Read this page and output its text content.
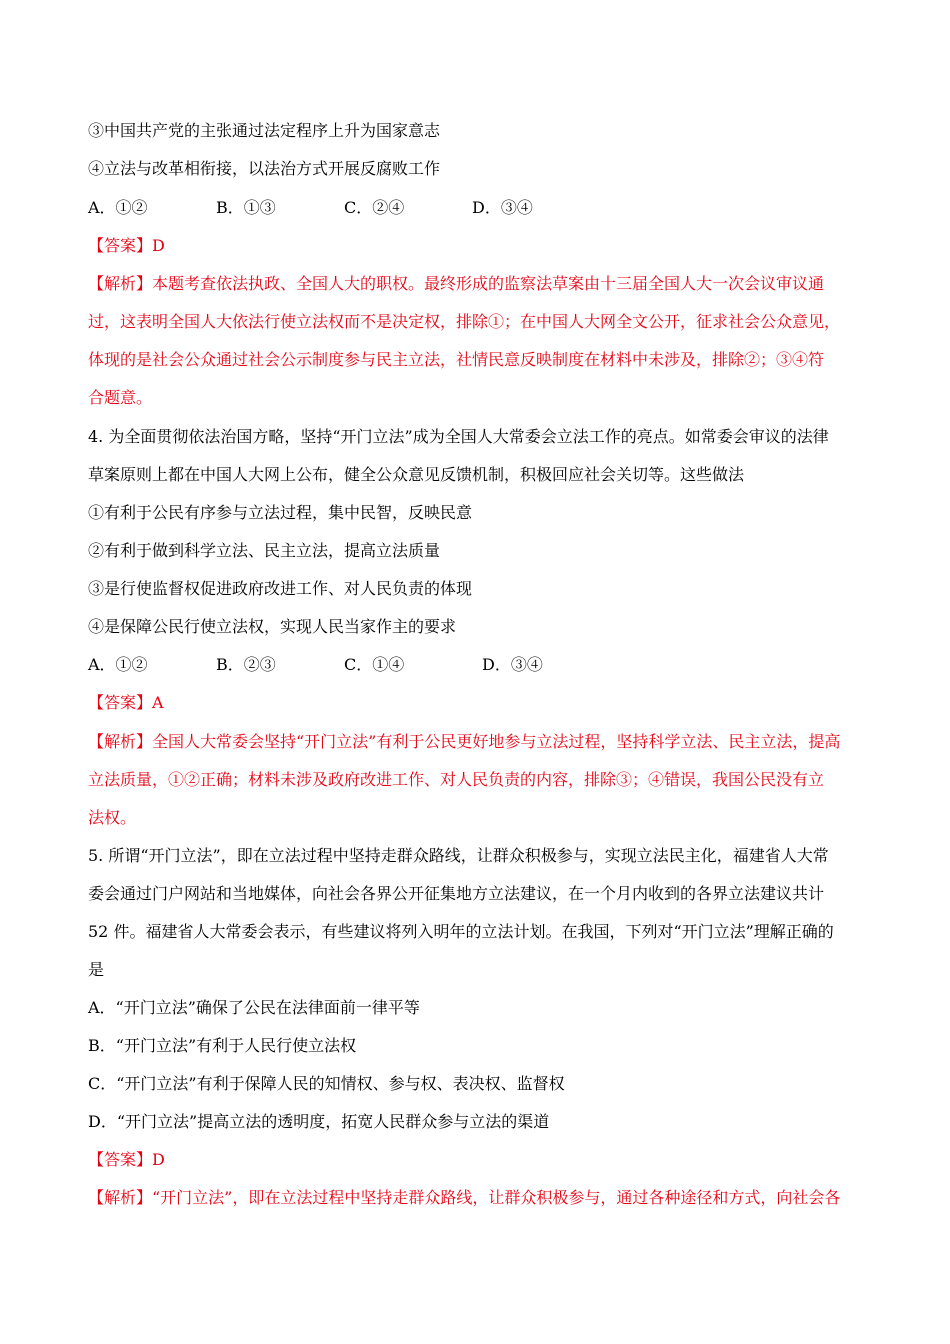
③中国共产党的主张通过法定程序上升为国家意志
④立法与改革相衔接，以法治方式开展反腐败工作
A．①②	B．①③	C．②④	D．③④
【答案】D
【解析】本题考查依法执政、全国人大的职权。最终形成的监察法草案由十三届全国人大一次会议审议通
过，这表明全国人大依法行使立法权而不是决定权，排除①；在中国人大网全文公开，征求社会公众意见，
体现的是社会公众通过社会公示制度参与民主立法，社情民意反映制度在材料中未涉及，排除②；③④符
合题意。
4. 为全面贯彻依法治国方略，坚持“开门立法”成为全国人大常委会立法工作的亮点。如常委会审议的法律
草案原则上都在中国人大网上公布，健全公众意见反馈机制，积极回应社会关切等。这些做法
①有利于公民有序参与立法过程，集中民智，反映民意
②有利于做到科学立法、民主立法，提高立法质量
③是行使监督权促进政府改进工作、对人民负责的体现
④是保障公民行使立法权，实现人民当家作主的要求
A．①②	B．②③	C．①④	D．③④
【答案】A
【解析】全国人大常委会坚持“开门立法”有利于公民更好地参与立法过程，坚持科学立法、民主立法，提高
立法质量，①②正确；材料未涉及政府改进工作、对人民负责的内容，排除③；④错误，我国公民没有立
法权。
5. 所谓“开门立法”，即在立法过程中坚持走群众路线，让群众积极参与，实现立法民主化，福建省人大常
委会通过门户网站和当地媒体，向社会各界公开征集地方立法建议，在一个月内收到的各界立法建议共计
52 件。福建省人大常委会表示，有些建议将列入明年的立法计划。在我国，下列对“开门立法”理解正确的
是
A．“开门立法”确保了公民在法律面前一律平等
B．“开门立法”有利于人民行使立法权
C．“开门立法”有利于保障人民的知情权、参与权、表决权、监督权
D．“开门立法”提高立法的透明度，拓宽人民群众参与立法的渠道
【答案】D
【解析】“开门立法”，即在立法过程中坚持走群众路线，让群众积极参与，通过各种途径和方式，向社会各
